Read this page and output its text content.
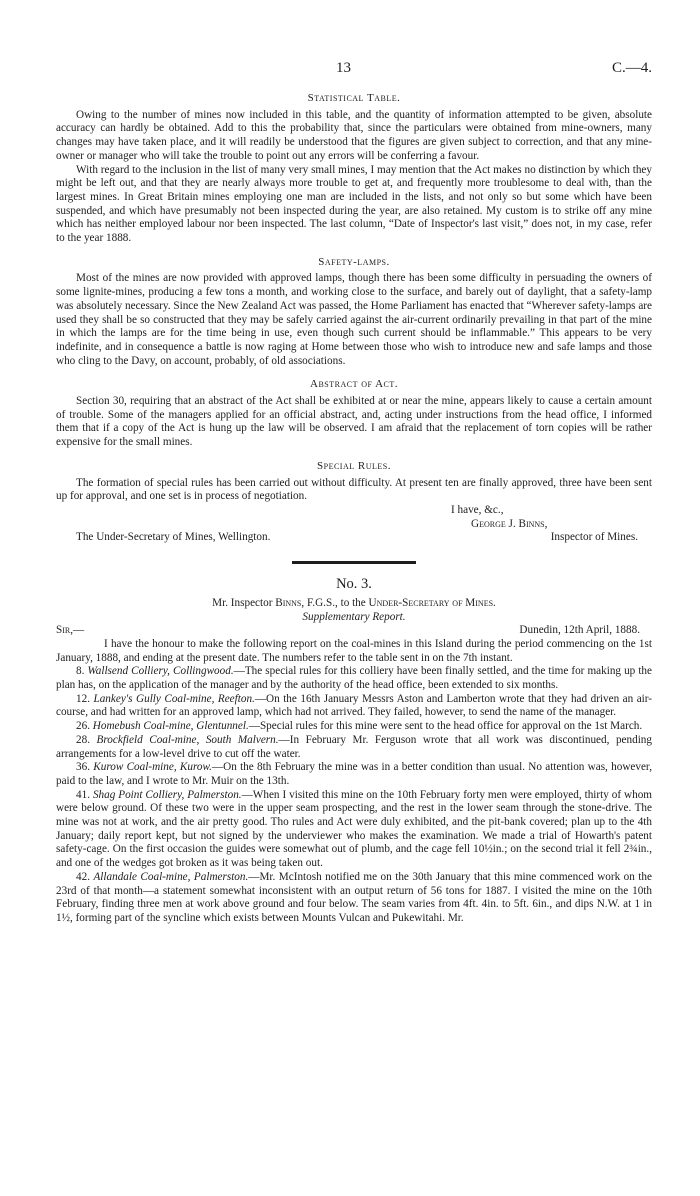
13	C.—4.
Statistical Table.

Owing to the number of mines now included in this table, and the quantity of information attempted to be given, absolute accuracy can hardly be obtained. Add to this the probability that, since the particulars were obtained from mine-owners, many changes may have taken place, and it will readily be understood that the figures are given subject to correction, and that any mine-owner or manager who will take the trouble to point out any errors will be conferring a favour.

With regard to the inclusion in the list of many very small mines, I may mention that the Act makes no distinction by which they might be left out, and that they are nearly always more trouble to get at, and frequently more troublesome to deal with, than the largest mines. In Great Britain mines employing one man are included in the lists, and not only so but some which have been suspended, and which have presumably not been inspected during the year, are also retained. My custom is to strike off any mine which has neither employed labour nor been inspected. The last column, “Date of Inspector's last visit,” does not, in my case, refer to the year 1888.

Safety-lamps.

Most of the mines are now provided with approved lamps, though there has been some difficulty in persuading the owners of some lignite-mines, producing a few tons a month, and working close to the surface, and barely out of daylight, that a safety-lamp was absolutely necessary. Since the New Zealand Act was passed, the Home Parliament has enacted that “Wherever safety-lamps are used they shall be so constructed that they may be safely carried against the air-current ordinarily prevailing in that part of the mine in which the lamps are for the time being in use, even though such current should be inflammable.” This appears to be very indefinite, and in consequence a battle is now raging at Home between those who wish to introduce new and safe lamps and those who cling to the Davy, on account, probably, of old associations.

Abstract of Act.

Section 30, requiring that an abstract of the Act shall be exhibited at or near the mine, appears likely to cause a certain amount of trouble. Some of the managers applied for an official abstract, and, acting under instructions from the head office, I informed them that if a copy of the Act is hung up the law will be observed. I am afraid that the replacement of torn copies will be rather expensive for the small mines.

Special Rules.

The formation of special rules has been carried out without difficulty. At present ten are finally approved, three have been sent up for approval, and one set is in process of negotiation.

I have, &c.,
George J. Binns,
The Under-Secretary of Mines, Wellington.	Inspector of Mines.
No. 3.
Mr. Inspector Binns, F.G.S., to the Under-Secretary of Mines.
Supplementary Report.
Sir,—	Dunedin, 12th April, 1888.

I have the honour to make the following report on the coal-mines in this Island during the period commencing on the 1st January, 1888, and ending at the present date. The numbers refer to the table sent in on the 7th instant.

8. Wallsend Colliery, Collingwood.—The special rules for this colliery have been finally settled, and the time for making up the plan has, on the application of the manager and by the authority of the head office, been extended to six months.

12. Lankey's Gully Coal-mine, Reefton.—On the 16th January Messrs Aston and Lamberton wrote that they had driven an air-course, and had written for an approved lamp, which had not arrived. They failed, however, to send the name of the manager.

26. Homebush Coal-mine, Glentunnel.—Special rules for this mine were sent to the head office for approval on the 1st March.

28. Brockfield Coal-mine, South Malvern.—In February Mr. Ferguson wrote that all work was discontinued, pending arrangements for a low-level drive to cut off the water.

36. Kurow Coal-mine, Kurow.—On the 8th February the mine was in a better condition than usual. No attention was, however, paid to the law, and I wrote to Mr. Muir on the 13th.

41. Shag Point Colliery, Palmerston.—When I visited this mine on the 10th February forty men were employed, thirty of whom were below ground. Of these two were in the upper seam prospecting, and the rest in the lower seam through the stone-drive. The mine was not at work, and the air pretty good. Tho rules and Act were duly exhibited, and the pit-bank covered; plan up to the 4th January; daily report kept, but not signed by the underviewer who makes the examination. We made a trial of Howarth's patent safety-cage. On the first occasion the guides were somewhat out of plumb, and the cage fell 10½in.; on the second trial it fell 2¾in., and one of the wedges got broken as it was being taken out.

42. Allandale Coal-mine, Palmerston.—Mr. McIntosh notified me on the 30th January that this mine commenced work on the 23rd of that month—a statement somewhat inconsistent with an output return of 56 tons for 1887. I visited the mine on the 10th February, finding three men at work above ground and four below. The seam varies from 4ft. 4in. to 5ft. 6in., and dips N.W. at 1 in 1½, forming part of the syncline which exists between Mounts Vulcan and Pukewitahi. Mr.
